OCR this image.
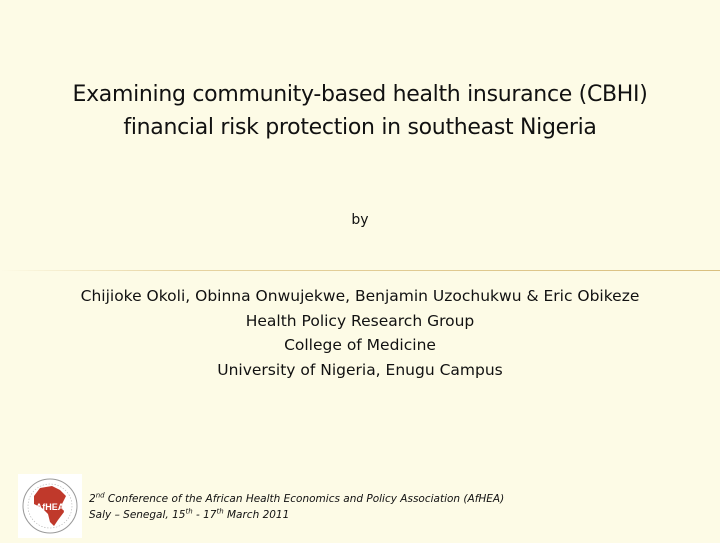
Examining community-based health insurance (CBHI)
financial risk protection in southeast Nigeria
by
Chijioke Okoli, Obinna Onwujekwe, Benjamin Uzochukwu & Eric Obikeze
Health Policy Research Group
College of Medicine
University of Nigeria, Enugu Campus
AfHEA
2nd Conference of the African Health Economics and Policy Association (AfHEA)
Saly – Senegal, 15th - 17th March 2011
